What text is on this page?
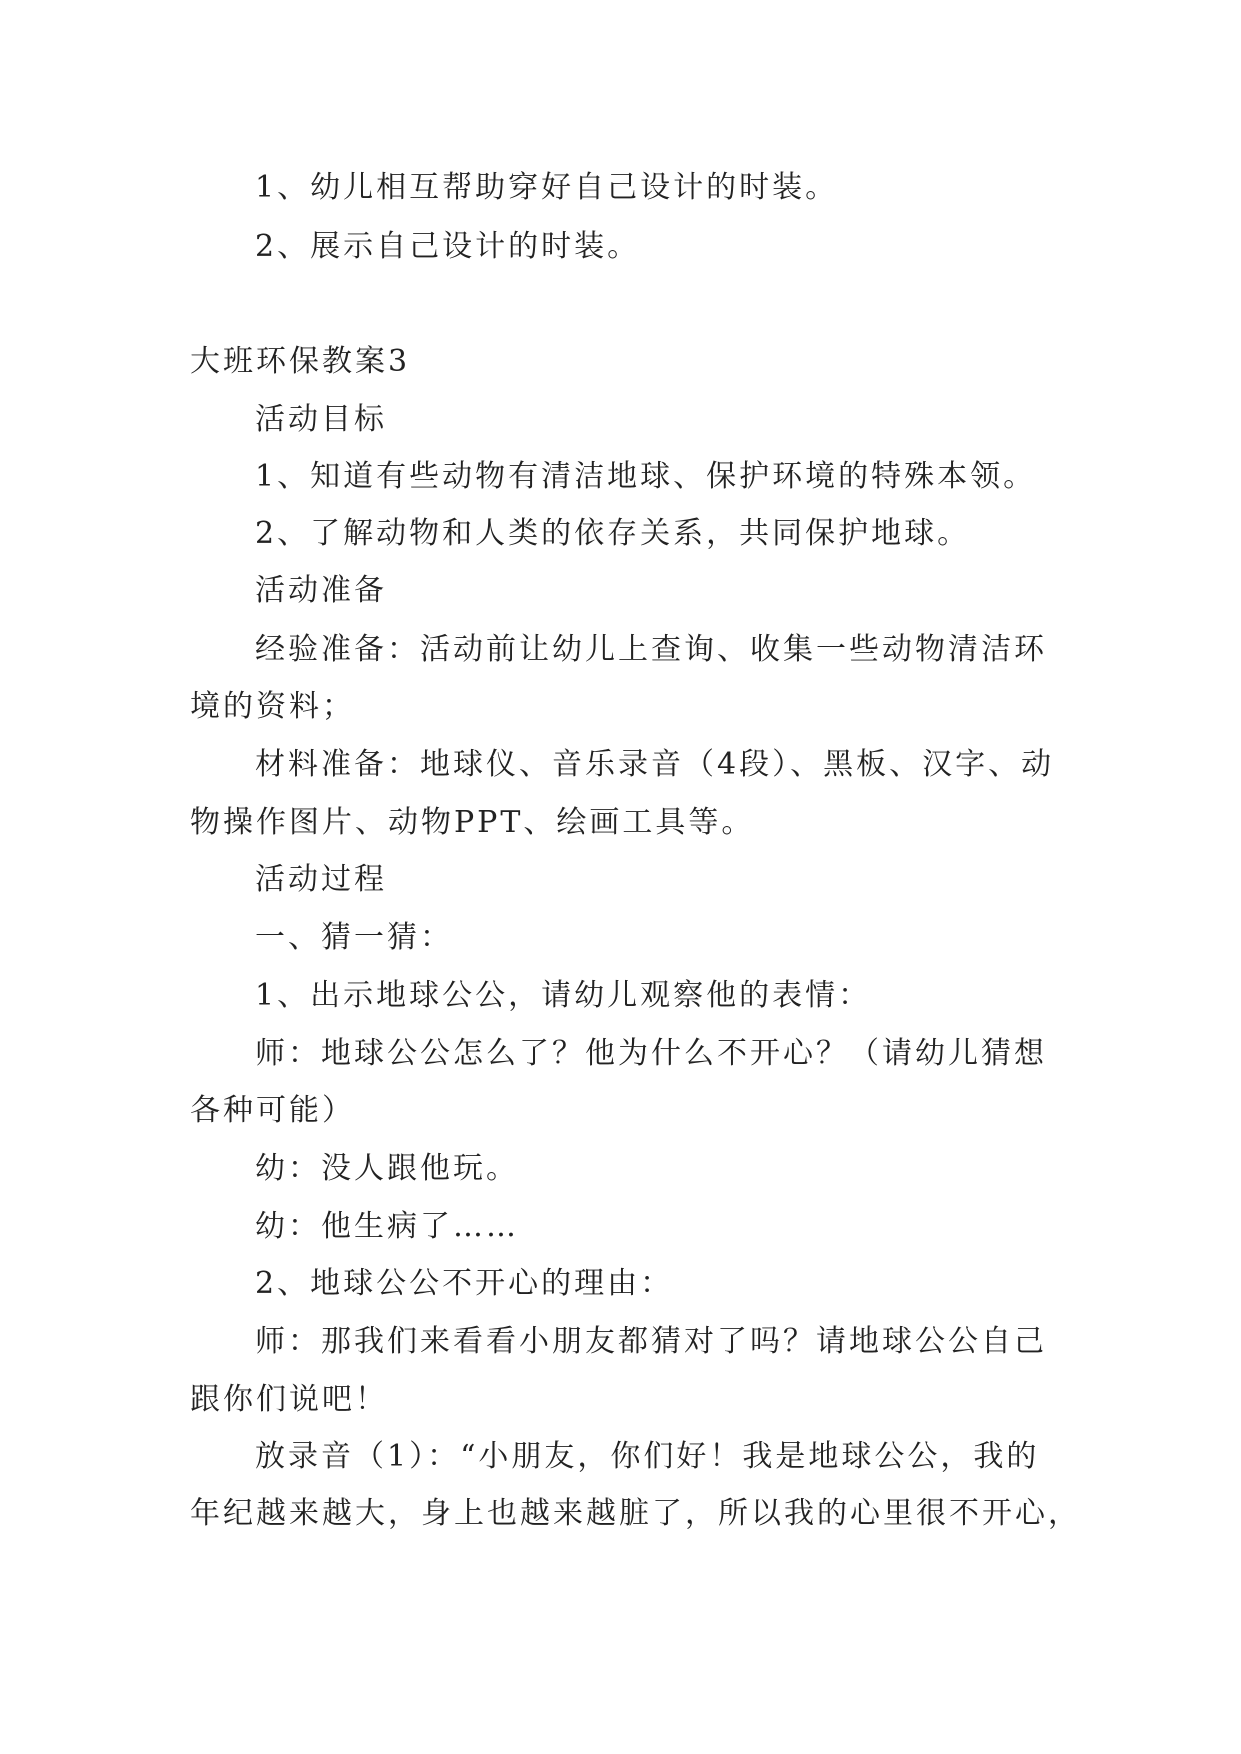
1、幼儿相互帮助穿好自己设计的时装。

2、展示自己设计的时装。

大班环保教案3

活动目标

1、知道有些动物有清洁地球、保护环境的特殊本领。

2、了解动物和人类的依存关系，共同保护地球。

活动准备

经验准备：活动前让幼儿上查询、收集一些动物清洁环

境的资料；

材料准备：地球仪、音乐录音（4段）、黑板、汉字、动

物操作图片、动物PPT、绘画工具等。

活动过程

一、猜一猜：

1、出示地球公公，请幼儿观察他的表情：

师：地球公公怎么了？他为什么不开心？（请幼儿猜想

各种可能）

幼：没人跟他玩。

幼：他生病了……

2、地球公公不开心的理由：

师：那我们来看看小朋友都猜对了吗？请地球公公自己

跟你们说吧！

放录音（1）：“小朋友，你们好！我是地球公公，我的

年纪越来越大，身上也越来越脏了，所以我的心里很不开心，
